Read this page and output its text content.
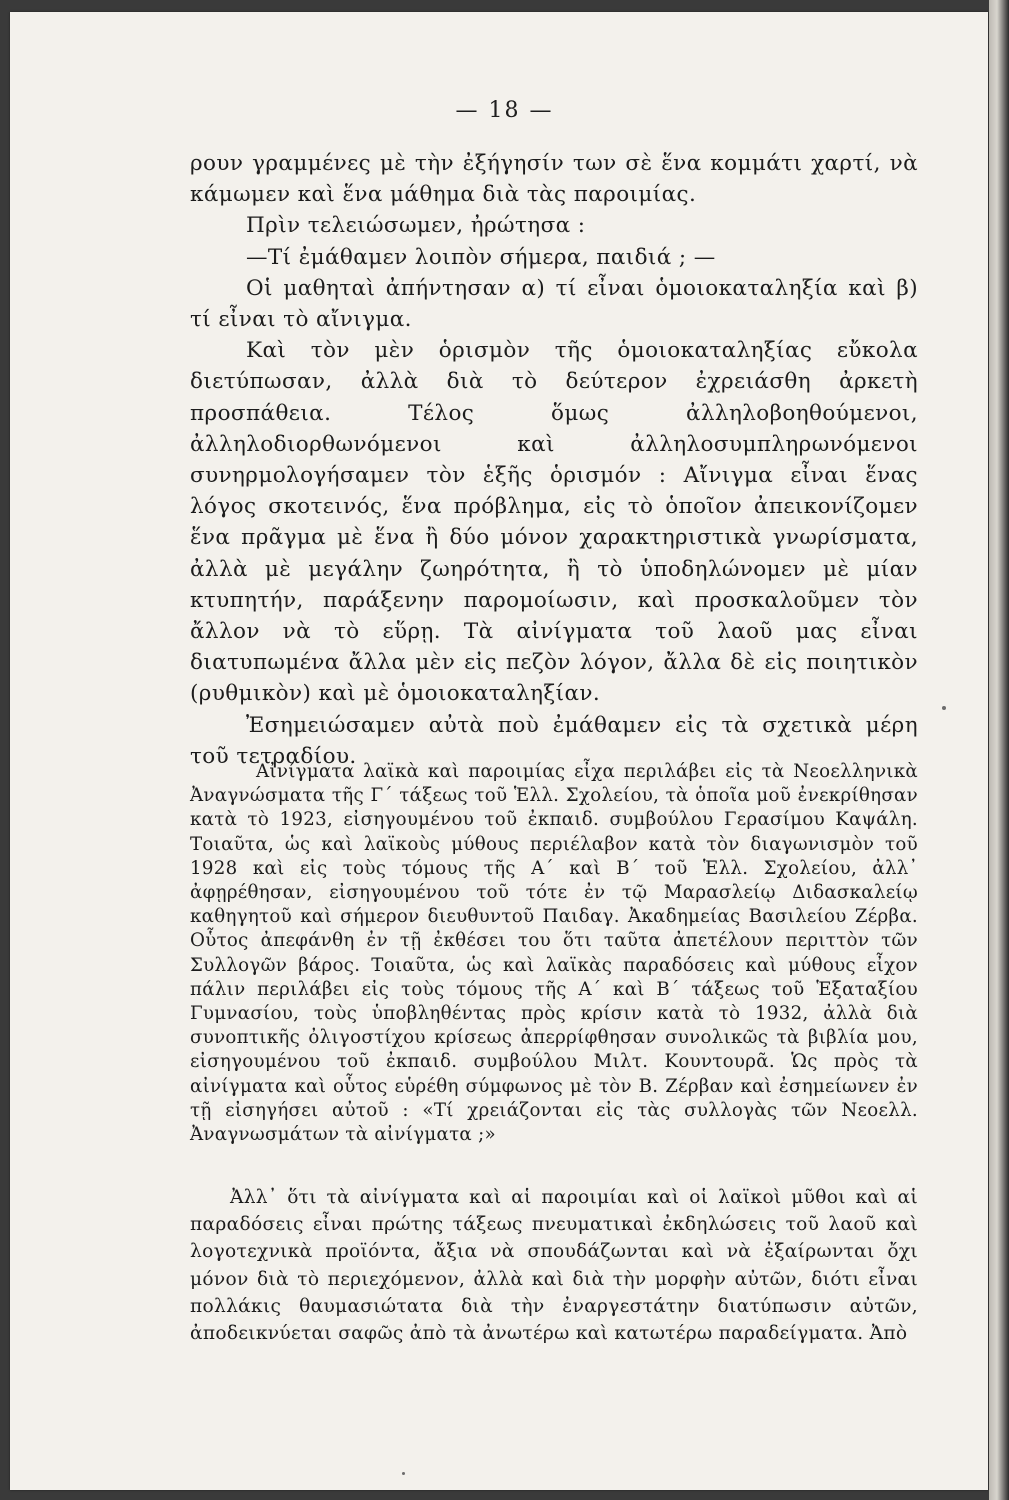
— 18 —

ρουν γραμμένες μὲ τὴν ἐξήγησίν των σὲ ἕνα κομμάτι χαρτί, νὰ κάμωμεν καὶ ἕνα μάθημα διὰ τὰς παροιμίας.

Πρὶν τελειώσωμεν, ἠρώτησα :

—Τί ἐμάθαμεν λοιπὸν σήμερα, παιδιά ; —

Οἱ μαθηταὶ ἀπήντησαν α) τί εἶναι ὁμοιοκαταληξία καὶ β) τί εἶναι τὸ αἴνιγμα.

Καὶ τὸν μὲν ὁρισμὸν τῆς ὁμοιοκαταληξίας εὔκολα διετύπωσαν, ἀλλὰ διὰ τὸ δεύτερον ἐχρειάσθη ἀρκετὴ προσπάθεια. Τέλος ὅμως ἀλληλοβοηθούμενοι, ἀλληλοδιορθωνόμενοι καὶ ἀλληλοσυμπληρωνόμενοι συνηρμολογήσαμεν τὸν ἑξῆς ὁρισμόν : Αἴνιγμα εἶναι ἕνας λόγος σκοτεινός, ἕνα πρόβλημα, εἰς τὸ ὁποῖον ἀπεικονίζομεν ἕνα πρᾶγμα μὲ ἕνα ἢ δύο μόνον χαρακτηριστικὰ γνωρίσματα, ἀλλὰ μὲ μεγάλην ζωηρότητα, ἢ τὸ ὑποδηλώνομεν μὲ μίαν κτυπητήν, παράξενην παρομοίωσιν, καὶ προσκαλοῦμεν τὸν ἄλλον νὰ τὸ εὕρῃ. Τὰ αἰνίγματα τοῦ λαοῦ μας εἶναι διατυπωμένα ἄλλα μὲν εἰς πεζὸν λόγον, ἄλλα δὲ εἰς ποιητικὸν (ρυθμικὸν) καὶ μὲ ὁμοιοκαταληξίαν.

Ἐσημειώσαμεν αὐτὰ ποὺ ἐμάθαμεν εἰς τὰ σχετικὰ μέρη τοῦ τετραδίου.

Αἰνίγματα λαϊκὰ καὶ παροιμίας εἶχα περιλάβει εἰς τὰ Νεοελληνικὰ Ἀναγνώσματα τῆς Γ΄ τάξεως τοῦ Ἑλλ. Σχολείου, τὰ ὁποῖα μοῦ ἐνεκρίθησαν κατὰ τὸ 1923, εἰσηγουμένου τοῦ ἐκπαιδ. συμβούλου Γερασίμου Καψάλη. Τοιαῦτα, ὡς καὶ λαϊκοὺς μύθους περιέλαβον κατὰ τὸν διαγωνισμὸν τοῦ 1928 καὶ εἰς τοὺς τόμους τῆς Α΄ καὶ Β΄ τοῦ Ἑλλ. Σχολείου, ἀλλ᾿ ἀφῃρέθησαν, εἰσηγουμένου τοῦ τότε ἐν τῷ Μαρασλείῳ Διδασκαλείῳ καθηγητοῦ καὶ σήμερον διευθυντοῦ Παιδαγ. Ἀκαδημείας Βασιλείου Ζέρβα. Οὗτος ἀπεφάνθη ἐν τῇ ἐκθέσει του ὅτι ταῦτα ἀπετέλουν περιττὸν τῶν Συλλογῶν βάρος. Τοιαῦτα, ὡς καὶ λαϊκὰς παραδόσεις καὶ μύθους εἶχον πάλιν περιλάβει εἰς τοὺς τόμους τῆς Α΄ καὶ Β΄ τάξεως τοῦ Ἑξαταξίου Γυμνασίου, τοὺς ὑποβληθέντας πρὸς κρίσιν κατὰ τὸ 1932, ἀλλὰ διὰ συνοπτικῆς ὀλιγοστίχου κρίσεως ἀπερρίφθησαν συνολικῶς τὰ βιβλία μου, εἰσηγουμένου τοῦ ἐκπαιδ. συμβούλου Μιλτ. Κουντουρᾶ. Ὡς πρὸς τὰ αἰνίγματα καὶ οὗτος εὑρέθη σύμφωνος μὲ τὸν Β. Ζέρβαν καὶ ἐσημείωνεν ἐν τῇ εἰσηγήσει αὐτοῦ : «Τί χρειάζονται εἰς τὰς συλλογὰς τῶν Νεοελλ. Ἀναγνωσμάτων τὰ αἰνίγματα ;»

Ἀλλ᾿ ὅτι τὰ αἰνίγματα καὶ αἱ παροιμίαι καὶ οἱ λαϊκοὶ μῦθοι καὶ αἱ παραδόσεις εἶναι πρώτης τάξεως πνευματικαὶ ἐκδηλώσεις τοῦ λαοῦ καὶ λογοτεχνικὰ προϊόντα, ἄξια νὰ σπουδάζωνται καὶ νὰ ἐξαίρωνται ὄχι μόνον διὰ τὸ περιεχόμενον, ἀλλὰ καὶ διὰ τὴν μορφὴν αὐτῶν, διότι εἶναι πολλάκις θαυμασιώτατα διὰ τὴν ἐναργεστάτην διατύπωσιν αὐτῶν, ἀποδεικνύεται σαφῶς ἀπὸ τὰ ἀνωτέρω καὶ κατωτέρω παραδείγματα. Ἀπὸ
